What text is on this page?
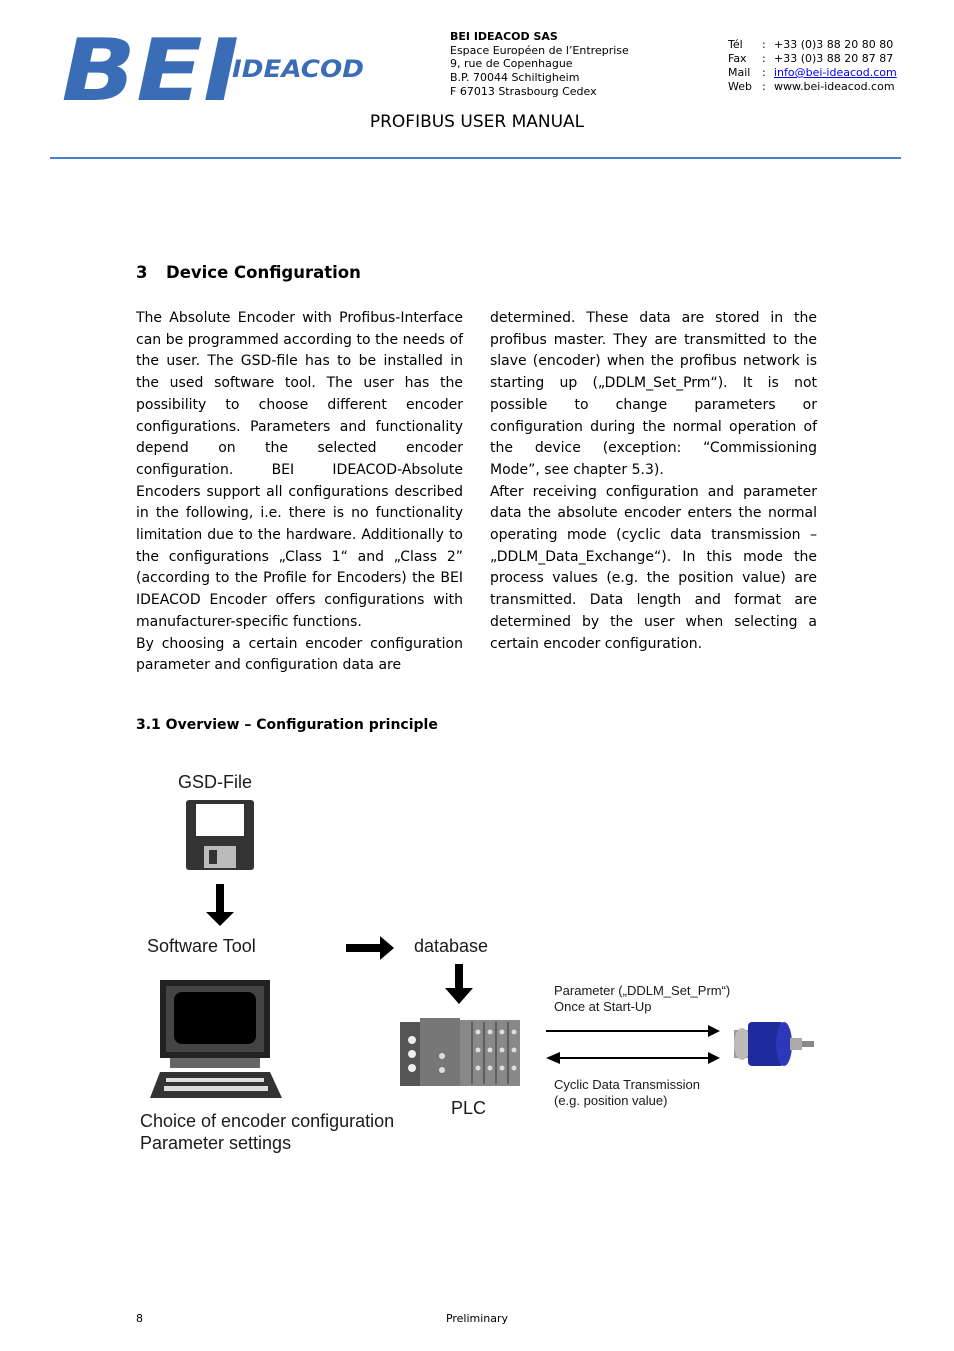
BEI IDEACOD
BEI IDEACOD SAS
Espace Européen de l’Entreprise
9, rue de Copenhague
B.P. 70044 Schiltigheim
F 67013 Strasbourg Cedex
Tél	: +33 (0)3 88 20 80 80
Fax	: +33 (0)3 88 20 87 87
Mail	: info@bei-ideacod.com
Web : www.bei-ideacod.com
PROFIBUS USER MANUAL
3 Device Configuration

The Absolute Encoder with Profibus-Interface can be programmed according to the needs of the user. The GSD-file has to be installed in the used software tool. The user has the possibility to choose different encoder configurations. Parameters and functionality depend on the selected encoder configuration. BEI IDEACOD-Absolute Encoders support all configurations described in the following, i.e. there is no functionality limitation due to the hardware. Additionally to the configurations „Class 1“ and „Class 2” (according to the Profile for Encoders) the BEI IDEACOD Encoder offers configurations with manufacturer-specific functions.

By choosing a certain encoder configuration parameter and configuration data are

determined. These data are stored in the profibus master. They are transmitted to the slave (encoder) when the profibus network is starting up („DDLM_Set_Prm“). It is not possible to change parameters or configuration during the normal operation of the device (exception: “Commissioning Mode”, see chapter 5.3).

After receiving configuration and parameter data the absolute encoder enters the normal operating mode (cyclic data transmission – „DDLM_Data_Exchange“). In this mode the process values (e.g. the position value) are transmitted. Data length and format are determined by the user when selecting a certain encoder configuration.

3.1 Overview – Configuration principle
GSD-File
Software Tool	database
PLC
Parameter („DDLM_Set_Prm“)
Once at Start-Up
Cyclic Data Transmission
(e.g. position value)
Choice of encoder configuration
Parameter settings
Preliminary
8
